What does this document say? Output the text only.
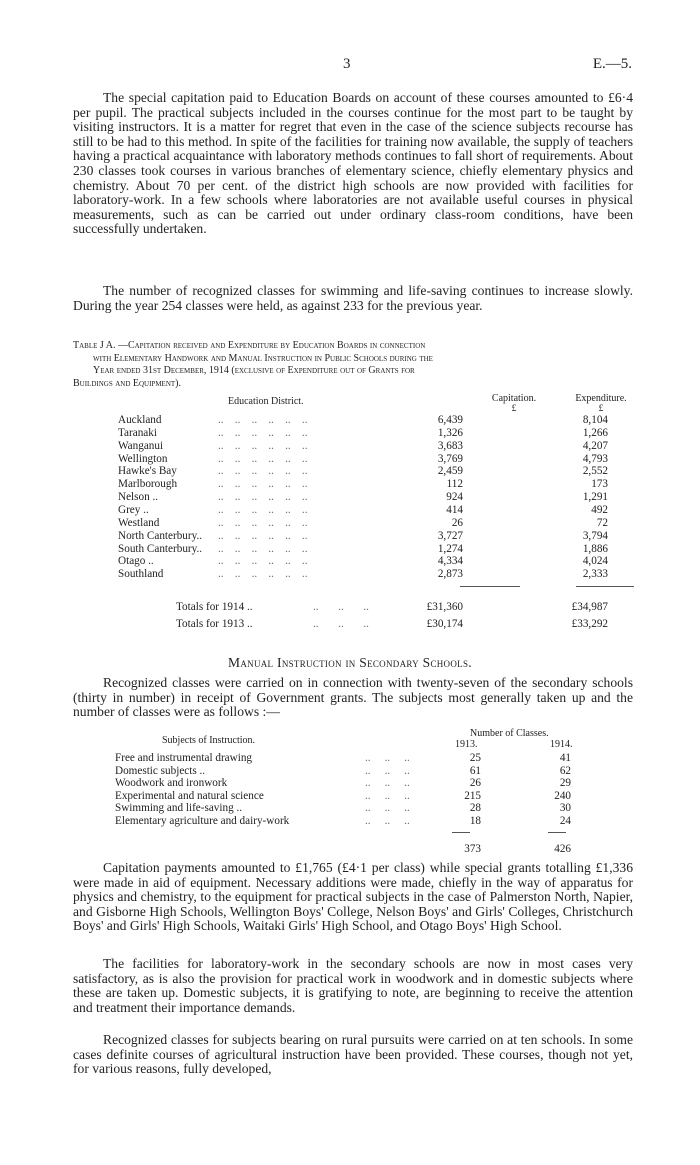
3	E.—5.

The special capitation paid to Education Boards on account of these courses amounted to £6·4 per pupil. The practical subjects included in the courses continue for the most part to be taught by visiting instructors. It is a matter for regret that even in the case of the science subjects recourse has still to be had to this method. In spite of the facilities for training now available, the supply of teachers having a practical acquaintance with laboratory methods continues to fall short of requirements. About 230 classes took courses in various branches of elementary science, chiefly elementary physics and chemistry. About 70 per cent. of the district high schools are now provided with facilities for laboratory-work. In a few schools where laboratories are not available useful courses in physical measurements, such as can be carried out under ordinary class-room conditions, have been successfully undertaken.

The number of recognized classes for swimming and life-saving continues to increase slowly. During the year 254 classes were held, as against 233 for the previous year.

Table J A. —Capitation received and Expenditure by Education Boards in connection
with Elementary Handwork and Manual Instruction in Public Schools during the
Year ended 31st December, 1914 (exclusive of Expenditure out of Grants for
Buildings and Equipment).
Education District.	Capitation.
£
Expenditure.
£
Auckland	..    ..    ..    ..    ..    ..	6,439	8,104
Taranaki	..    ..    ..    ..    ..    ..	1,326	1,266
Wanganui	..    ..    ..    ..    ..    ..	3,683	4,207
Wellington	..    ..    ..    ..    ..    ..	3,769	4,793
Hawke's Bay	..    ..    ..    ..    ..    ..	2,459	2,552
Marlborough	..    ..    ..    ..    ..    ..	112	173
Nelson ..	..    ..    ..    ..    ..    ..	924	1,291
Grey ..	..    ..    ..    ..    ..    ..	414	492
Westland	..    ..    ..    ..    ..    ..	26	72
North Canterbury.. ..    ..    ..    ..    ..    ..	3,727	3,794
South Canterbury.. ..    ..    ..    ..    ..    ..	1,274	1,886
Otago ..	..    ..    ..    ..    ..    ..	4,334	4,024
Southland	..    ..    ..    ..    ..    ..	2,873	2,333
Totals for 1914 ..	..       ..       ..	£31,360	£34,987
Totals for 1913 ..	..       ..       ..	£30,174	£33,292
Manual Instruction in Secondary Schools.

Recognized classes were carried on in connection with twenty-seven of the secondary schools (thirty in number) in receipt of Government grants. The subjects most generally taken up and the number of classes were as follows :—

Subjects of Instruction.
Number of Classes.
1913.	1914.
Free and instrumental drawing	..     ..     ..	25	41
Domestic subjects ..	..     ..     ..	61	62
Woodwork and ironwork	..     ..     ..	26	29
Experimental and natural science	..     ..     ..	215	240
Swimming and life-saving ..	..     ..     ..	28	30
Elementary agriculture and dairy-work	..     ..     ..	18	24
373	426

Capitation payments amounted to £1,765 (£4·1 per class) while special grants totalling £1,336 were made in aid of equipment. Necessary additions were made, chiefly in the way of apparatus for physics and chemistry, to the equipment for practical subjects in the case of Palmerston North, Napier, and Gisborne High Schools, Wellington Boys' College, Nelson Boys' and Girls' Colleges, Christchurch Boys' and Girls' High Schools, Waitaki Girls' High School, and Otago Boys' High School.

The facilities for laboratory-work in the secondary schools are now in most cases very satisfactory, as is also the provision for practical work in woodwork and in domestic subjects where these are taken up. Domestic subjects, it is gratifying to note, are beginning to receive the attention and treatment their importance demands.

Recognized classes for subjects bearing on rural pursuits were carried on at ten schools. In some cases definite courses of agricultural instruction have been provided. These courses, though not yet, for various reasons, fully developed,
